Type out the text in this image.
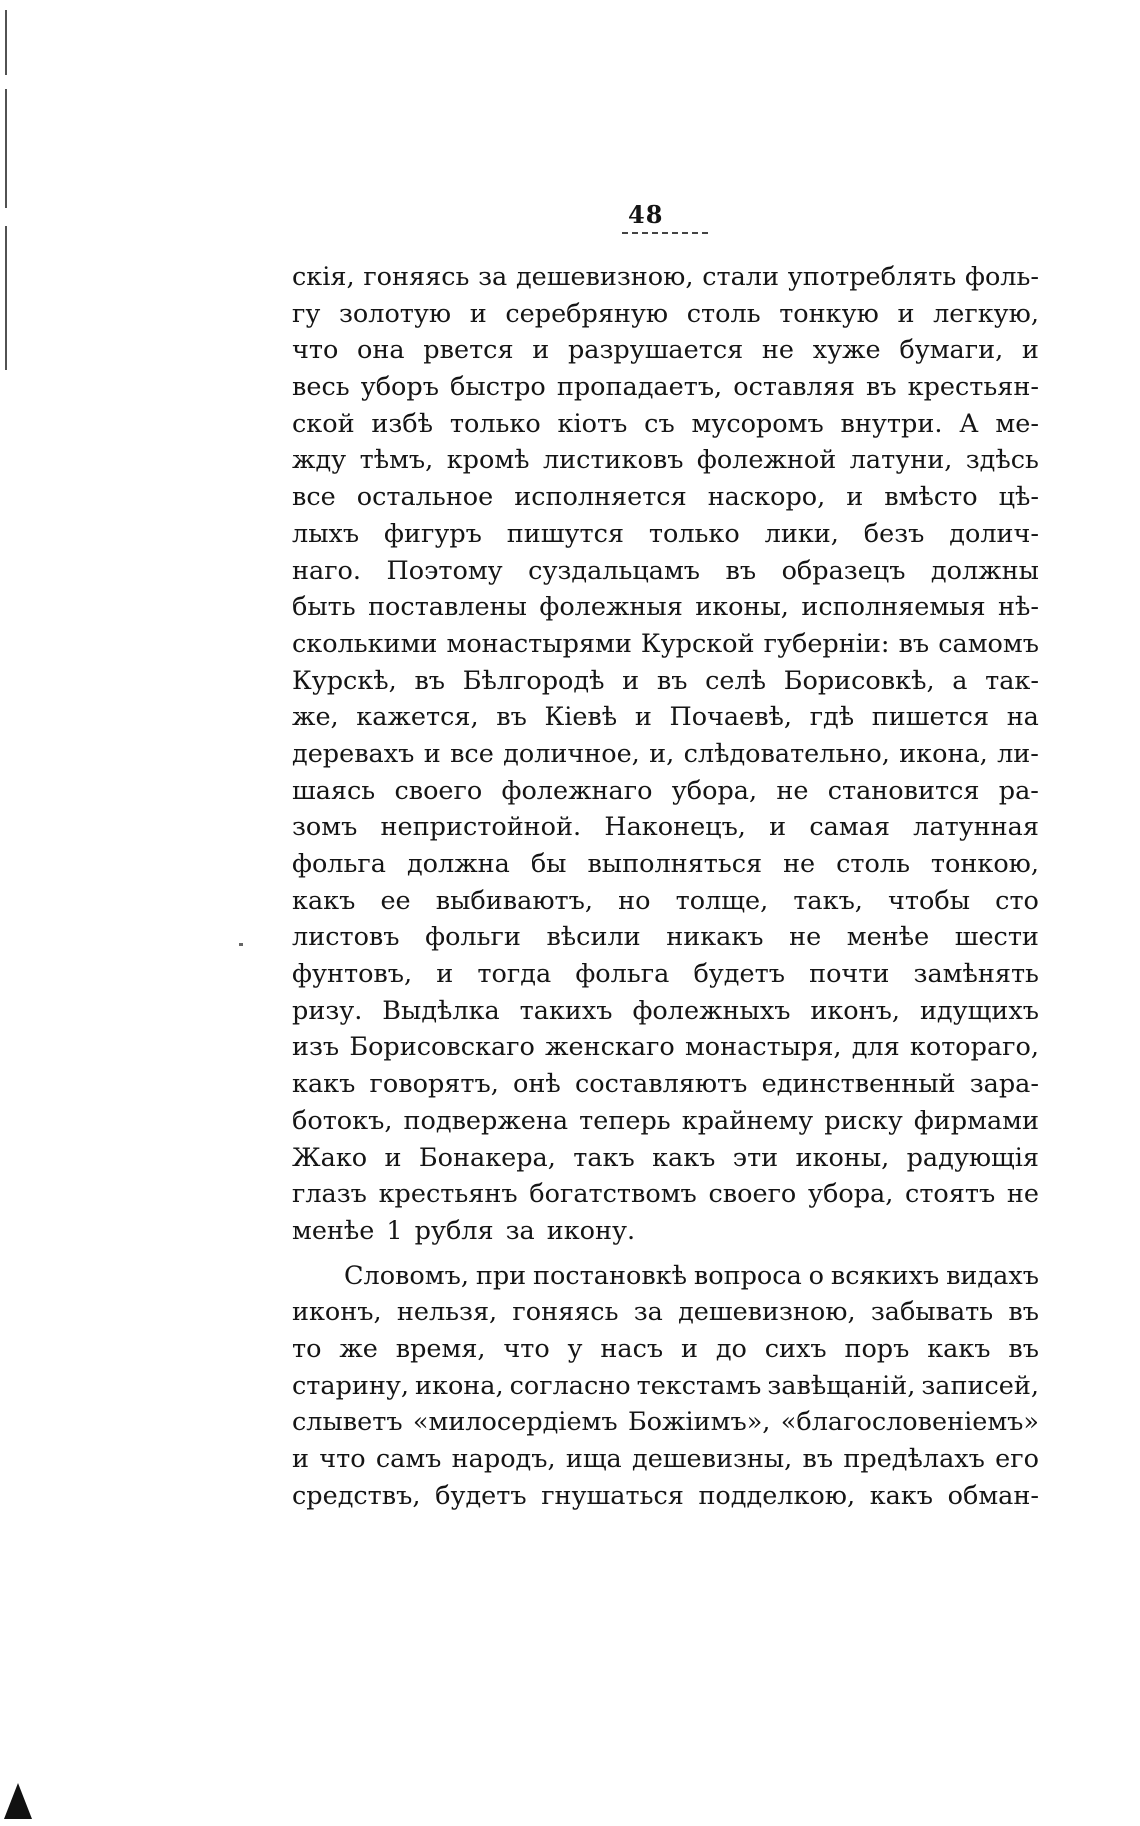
48
скія, гоняясь за дешевизною, стали употреблять фоль-
гу золотую и серебряную столь тонкую и легкую,
что она рвется и разрушается не хуже бумаги, и
весь уборъ быстро пропадаетъ, оставляя въ крестьян-
ской избѣ только кіотъ съ мусоромъ внутри. А ме-
жду тѣмъ, кромѣ листиковъ фолежной латуни, здѣсь
все остальное исполняется наскоро, и вмѣсто цѣ-
лыхъ фигуръ пишутся только лики, безъ долич-
наго. Поэтому суздальцамъ въ образецъ должны
быть поставлены фолежныя иконы, исполняемыя нѣ-
сколькими монастырями Курской губерніи: въ самомъ
Курскѣ, въ Бѣлгородѣ и въ селѣ Борисовкѣ, а так-
же, кажется, въ Кіевѣ и Почаевѣ, гдѣ пишется на
деревахъ и все доличное, и, слѣдовательно, икона, ли-
шаясь своего фолежнаго убора, не становится ра-
зомъ непристойной. Наконецъ, и самая латунная
фольга должна бы выполняться не столь тонкою,
какъ ее выбиваютъ, но толще, такъ, чтобы сто
листовъ фольги вѣсили никакъ не менѣе шести
фунтовъ, и тогда фольга будетъ почти замѣнять
ризу. Выдѣлка такихъ фолежныхъ иконъ, идущихъ
изъ Борисовскаго женскаго монастыря, для котораго,
какъ говорятъ, онѣ составляютъ единственный зара-
ботокъ, подвержена теперь крайнему риску фирмами
Жако и Бонакера, такъ какъ эти иконы, радующія
глазъ крестьянъ богатствомъ своего убора, стоятъ не
менѣе 1 рубля за икону.
Словомъ, при постановкѣ вопроса о всякихъ видахъ
иконъ, нельзя, гоняясь за дешевизною, забывать въ
то же время, что у насъ и до сихъ поръ какъ въ
старину, икона, согласно текстамъ завѣщаній, записей,
слыветъ «милосердіемъ Божіимъ», «благословеніемъ»
и что самъ народъ, ища дешевизны, въ предѣлахъ его
средствъ, будетъ гнушаться подделкою, какъ обман-
